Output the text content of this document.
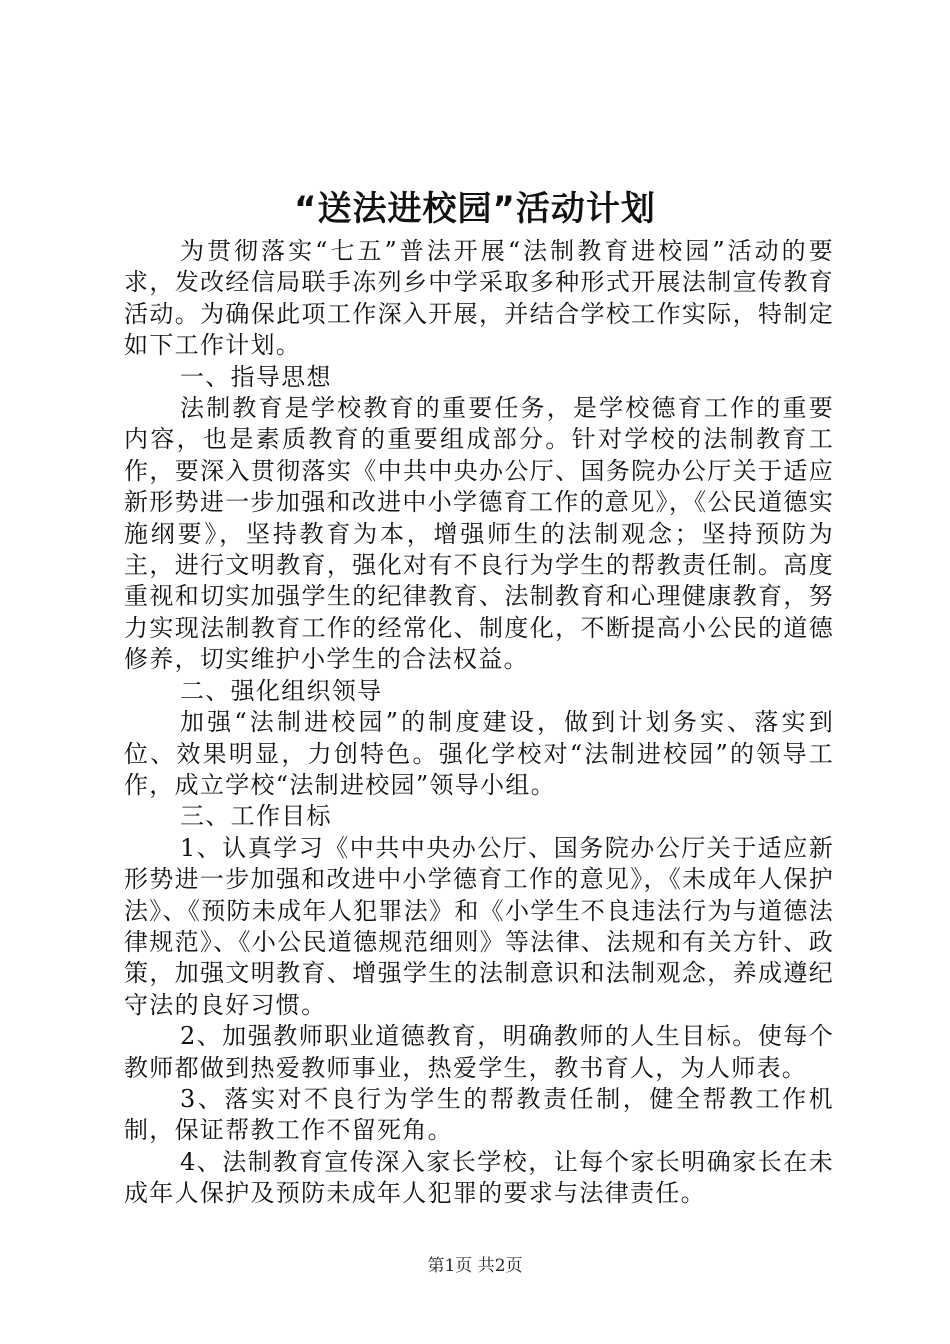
“送法进校园”活动计划

为贯彻落实“七五”普法开展“法制教育进校园”活动的要求，发改经信局联手冻列乡中学采取多种形式开展法制宣传教育活动。为确保此项工作深入开展，并结合学校工作实际，特制定如下工作计划。

一、指导思想

法制教育是学校教育的重要任务，是学校德育工作的重要内容，也是素质教育的重要组成部分。针对学校的法制教育工作，要深入贯彻落实《中共中央办公厅、国务院办公厅关于适应新形势进一步加强和改进中小学德育工作的意见》，《公民道德实施纲要》，坚持教育为本，增强师生的法制观念；坚持预防为主，进行文明教育，强化对有不良行为学生的帮教责任制。高度重视和切实加强学生的纪律教育、法制教育和心理健康教育，努力实现法制教育工作的经常化、制度化，不断提高小公民的道德修养，切实维护小学生的合法权益。

二、强化组织领导

加强“法制进校园”的制度建设，做到计划务实、落实到位、效果明显，力创特色。强化学校对“法制进校园”的领导工作，成立学校“法制进校园”领导小组。

三、工作目标

1、认真学习《中共中央办公厅、国务院办公厅关于适应新形势进一步加强和改进中小学德育工作的意见》，《未成年人保护法》、《预防未成年人犯罪法》和《小学生不良违法行为与道德法律规范》、《小公民道德规范细则》等法律、法规和有关方针、政策，加强文明教育、增强学生的法制意识和法制观念，养成遵纪守法的良好习惯。

2、加强教师职业道德教育，明确教师的人生目标。使每个教师都做到热爱教师事业，热爱学生，教书育人，为人师表。

3、落实对不良行为学生的帮教责任制，健全帮教工作机制，保证帮教工作不留死角。

4、法制教育宣传深入家长学校，让每个家长明确家长在未成年人保护及预防未成年人犯罪的要求与法律责任。

第1页 共2页
